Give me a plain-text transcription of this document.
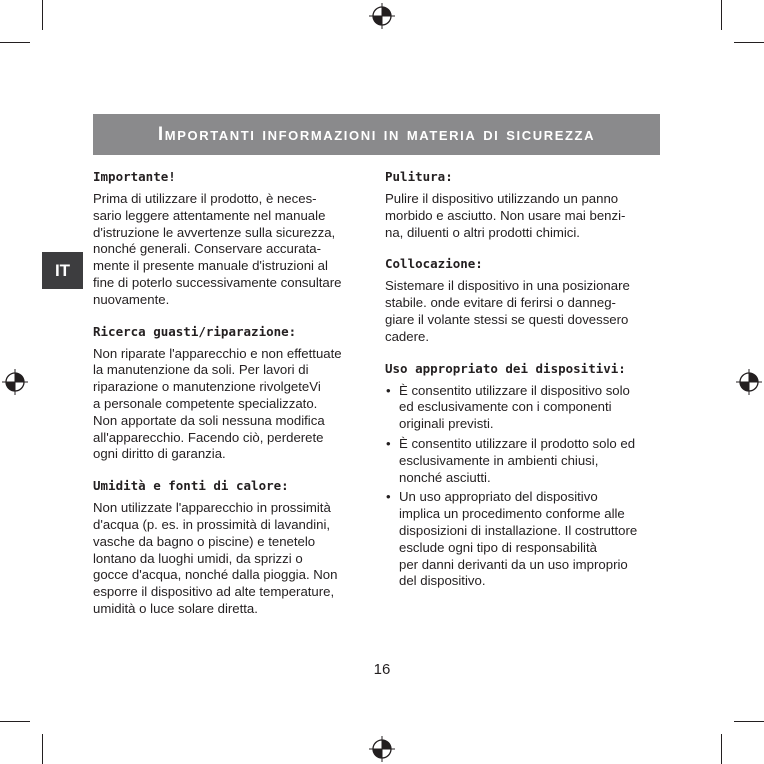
Importanti informazioni in materia di sicurezza
IT
Importante!
Prima di utilizzare il prodotto, è neces-
sario leggere attentamente nel manuale
d'istruzione le avvertenze sulla sicurezza,
nonché generali. Conservare accurata-
mente il presente manuale d'istruzioni al
fine di poterlo successivamente consultare
nuovamente.
Ricerca guasti/riparazione:
Non riparate l'apparecchio e non effettuate
la manutenzione da soli. Per lavori di
riparazione o manutenzione rivolgeteVi
a personale competente specializzato.
Non apportate da soli nessuna modifica
all'apparecchio. Facendo ciò, perderete
ogni diritto di garanzia.
Umidità e fonti di calore:
Non utilizzate l'apparecchio in prossimità
d'acqua (p. es. in prossimità di lavandini,
vasche da bagno o piscine) e tenetelo
lontano da luoghi umidi, da sprizzi o
gocce d'acqua, nonché dalla pioggia. Non
esporre il dispositivo ad alte temperature,
umidità o luce solare diretta.
Pulitura:
Pulire il dispositivo utilizzando un panno
morbido e asciutto. Non usare mai benzi-
na, diluenti o altri prodotti chimici.
Collocazione:
Sistemare il dispositivo in una posizionare
stabile. onde evitare di ferirsi o danneg-
giare il volante stessi se questi dovessero
cadere.
Uso appropriato dei dispositivi:
• È consentito utilizzare il dispositivo solo
ed esclusivamente con i componenti
originali previsti.
• È consentito utilizzare il prodotto solo ed
esclusivamente in ambienti chiusi,
nonché asciutti.
• Un uso appropriato del dispositivo
implica un procedimento conforme alle
disposizioni di installazione. Il costruttore
esclude ogni tipo di responsabilità
per danni derivanti da un uso improprio
del dispositivo.
16
